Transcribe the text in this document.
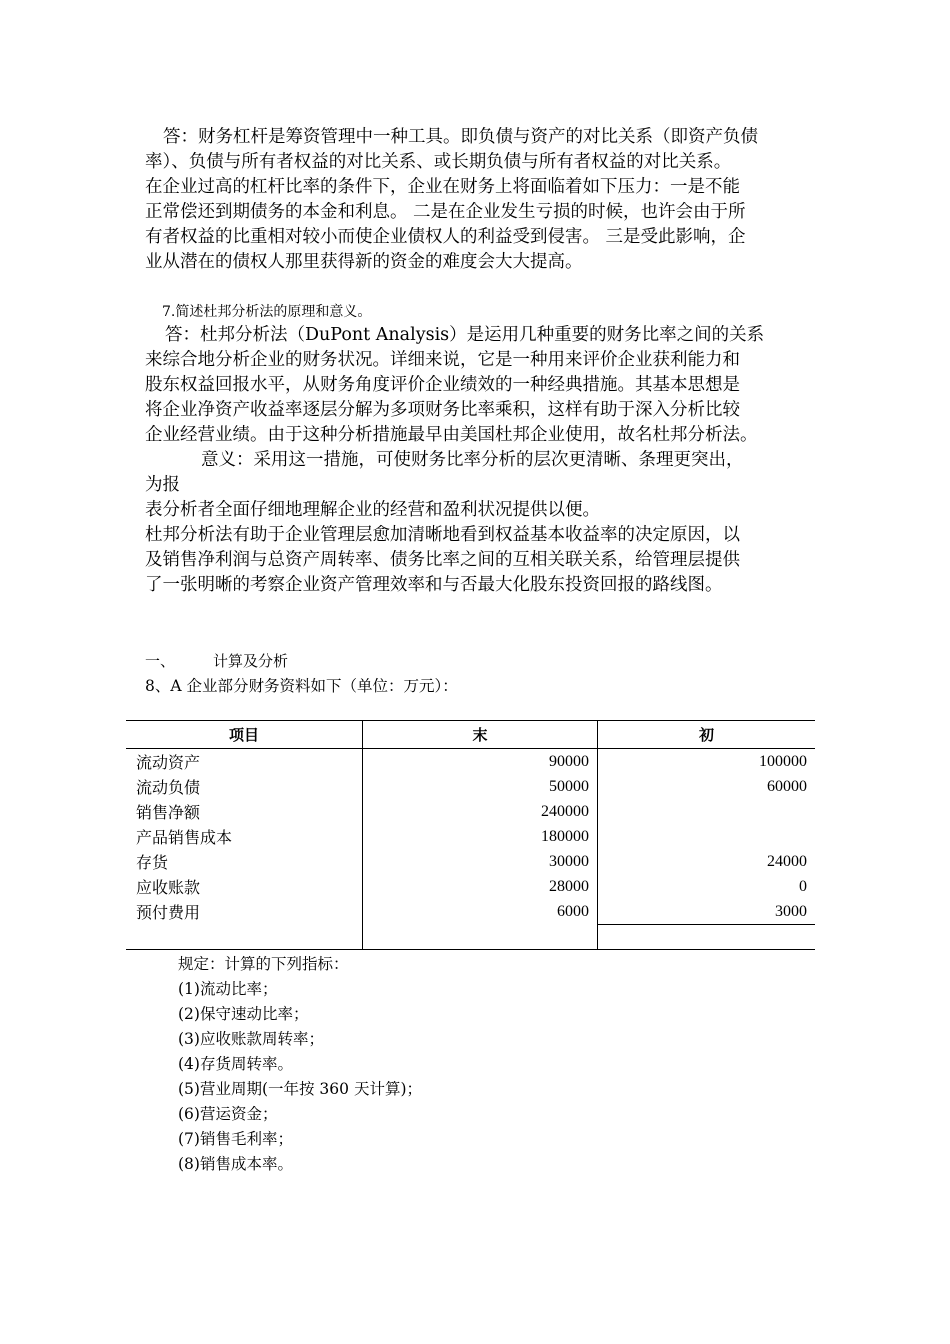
答：财务杠杆是筹资管理中一种工具。即负债与资产的对比关系（即资产负债
率）、负债与所有者权益的对比关系、或长期负债与所有者权益的对比关系。
在企业过高的杠杆比率的条件下，企业在财务上将面临着如下压力：一是不能
正常偿还到期债务的本金和利息。 二是在企业发生亏损的时候，也许会由于所
有者权益的比重相对较小而使企业债权人的利益受到侵害。 三是受此影响，企
业从潜在的债权人那里获得新的资金的难度会大大提高。
7.简述杜邦分析法的原理和意义。
答：杜邦分析法（DuPont Analysis）是运用几种重要的财务比率之间的关系
来综合地分析企业的财务状况。详细来说，它是一种用来评价企业获利能力和
股东权益回报水平，从财务角度评价企业绩效的一种经典措施。其基本思想是
将企业净资产收益率逐层分解为多项财务比率乘积，这样有助于深入分析比较
企业经营业绩。由于这种分析措施最早由美国杜邦企业使用，故名杜邦分析法。
意义：采用这一措施，可使财务比率分析的层次更清晰、条理更突出，
为报
表分析者全面仔细地理解企业的经营和盈利状况提供以便。
杜邦分析法有助于企业管理层愈加清晰地看到权益基本收益率的决定原因，以
及销售净利润与总资产周转率、债务比率之间的互相关联关系，给管理层提供
了一张明晰的考察企业资产管理效率和与否最大化股东投资回报的路线图。
一、	计算及分析
8、A 企业部分财务资料如下（单位：万元）：
项目	末	初
流动资产	90000	100000
流动负债	50000	60000
销售净额	240000	
产品销售成本	180000	
存货	30000	24000
应收账款	28000	0
预付费用	6000	3000

规定：计算的下列指标：
(1)流动比率；
(2)保守速动比率；
(3)应收账款周转率；
(4)存货周转率。
(5)营业周期(一年按 360 天计算)；
(6)营运资金；
(7)销售毛利率；
(8)销售成本率。
